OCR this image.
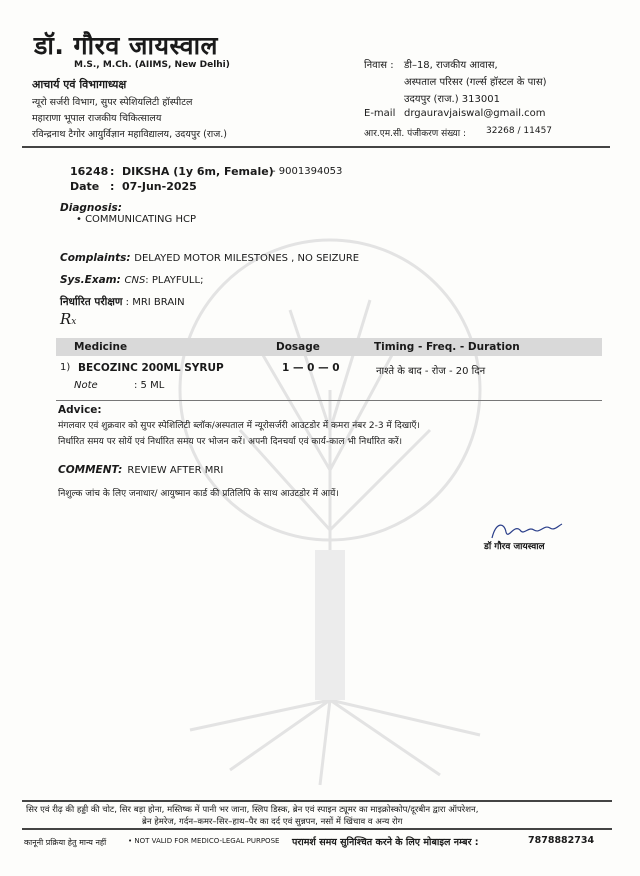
डॉ. गौरव जायस्वाल
M.S., M.Ch. (AIIMS, New Delhi)
आचार्य एवं विभागाध्यक्ष
न्यूरो सर्जरी विभाग, सुपर स्पेशियलिटी हॉस्पीटल
महाराणा भूपाल राजकीय चिकित्सालय
रविन्द्रनाथ टैगोर आयुर्विज्ञान महाविद्यालय, उदयपुर (राज.)
निवास : डी–18, राजकीय आवास,
अस्पताल परिसर (गर्ल्स हॉस्टल के पास)
उदयपुर (राज.) 313001
E-mail drgauravjaiswal@gmail.com
आर.एम.सी. पंजीकरण संख्या : 32268 / 11457
16248 : DIKSHA (1y 6m, Female)
- 9001394053
Date : 07-Jun-2025
Diagnosis:
• COMMUNICATING HCP
Complaints: DELAYED MOTOR MILESTONES , NO SEIZURE
Sys.Exam: CNS: PLAYFULL;
निर्धारित परीक्षण : MRI BRAIN
Rx
Medicine	Dosage	Timing - Freq. - Duration
1) BECOZINC 200ML SYRUP	1 — 0 — 0	नाश्ते के बाद - रोज - 20 दिन
Note	: 5 ML
Advice:
मंगलवार एवं शुक्रवार को सुपर स्पेशिलिटी ब्लॉक/अस्पताल में न्यूरोसर्जरी आउटडोर में कमरा नंबर 2-3 में दिखाएँ।
निर्धारित समय पर सोयें एवं निर्धारित समय पर भोजन करें। अपनी दिनचर्या एवं कार्य-काल भी निर्धारित करें।
COMMENT: REVIEW AFTER MRI
निशुल्क जांच के लिए जनाधार/ आयुष्मान कार्ड की प्रतिलिपि के साथ आउटडोर में आयें।
डॉ गौरव जायस्वाल
सिर एवं रीढ़ की हड्डी की चोट, सिर बड़ा होना, मस्तिष्क में पानी भर जाना, स्लिप डिस्क, ब्रेन एवं स्पाइन ट्यूमर का माइक्रोस्कोप/दूरबीन द्वारा ऑपरेशन,
ब्रेन हेमरेज, गर्दन–कमर–सिर–हाथ–पैर का दर्द एवं सुन्नपन, नसों में खिंचाव व अन्य रोग
कानूनी प्रक्रिया हेतु मान्य नहीं	• NOT VALID FOR MEDICO-LEGAL PURPOSE परामर्श समय सुनिश्चित करने के लिए मोबाइल नम्बर :	7878882734
